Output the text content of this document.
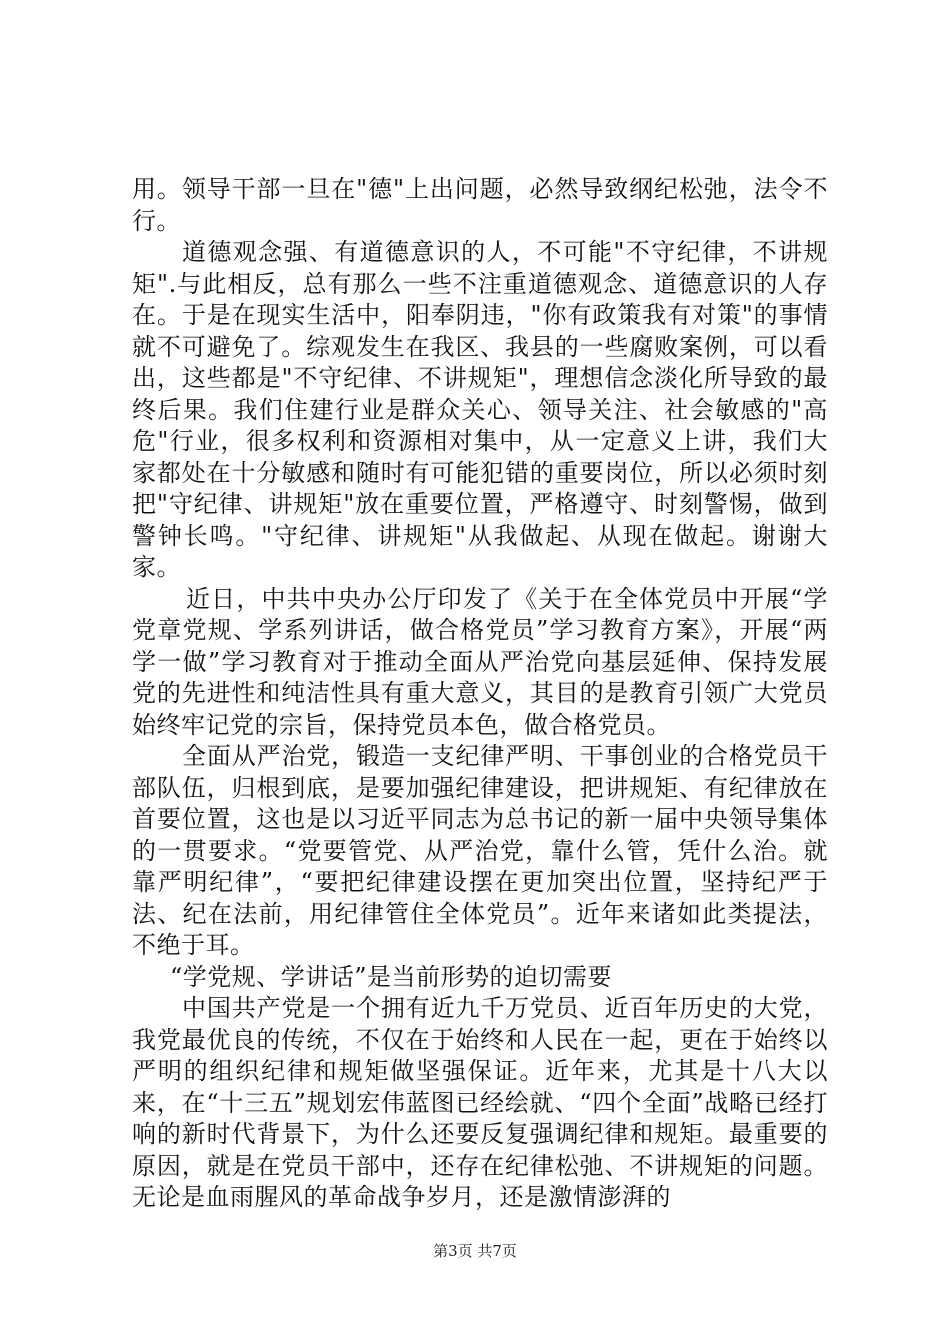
用。领导干部一旦在"德"上出问题，必然导致纲纪松弛，法令不行。

道德观念强、有道德意识的人，不可能"不守纪律，不讲规矩".与此相反，总有那么一些不注重道德观念、道德意识的人存在。于是在现实生活中，阳奉阴违，"你有政策我有对策"的事情就不可避免了。综观发生在我区、我县的一些腐败案例，可以看出，这些都是"不守纪律、不讲规矩"，理想信念淡化所导致的最终后果。我们住建行业是群众关心、领导关注、社会敏感的"高危"行业，很多权利和资源相对集中，从一定意义上讲，我们大家都处在十分敏感和随时有可能犯错的重要岗位，所以必须时刻把"守纪律、讲规矩"放在重要位置，严格遵守、时刻警惕，做到警钟长鸣。"守纪律、讲规矩"从我做起、从现在做起。谢谢大家。

近日，中共中央办公厅印发了《关于在全体党员中开展“学党章党规、学系列讲话，做合格党员”学习教育方案》，开展“两学一做”学习教育对于推动全面从严治党向基层延伸、保持发展党的先进性和纯洁性具有重大意义，其目的是教育引领广大党员始终牢记党的宗旨，保持党员本色，做合格党员。

全面从严治党，锻造一支纪律严明、干事创业的合格党员干部队伍，归根到底，是要加强纪律建设，把讲规矩、有纪律放在首要位置，这也是以习近平同志为总书记的新一届中央领导集体的一贯要求。“党要管党、从严治党，靠什么管，凭什么治。就靠严明纪律”，“要把纪律建设摆在更加突出位置，坚持纪严于法、纪在法前，用纪律管住全体党员”。近年来诸如此类提法，不绝于耳。

“学党规、学讲话”是当前形势的迫切需要

中国共产党是一个拥有近九千万党员、近百年历史的大党，我党最优良的传统，不仅在于始终和人民在一起，更在于始终以严明的组织纪律和规矩做坚强保证。近年来，尤其是十八大以来，在“十三五”规划宏伟蓝图已经绘就、“四个全面”战略已经打响的新时代背景下，为什么还要反复强调纪律和规矩。最重要的原因，就是在党员干部中，还存在纪律松弛、不讲规矩的问题。无论是血雨腥风的革命战争岁月，还是激情澎湃的

第3页 共7页
